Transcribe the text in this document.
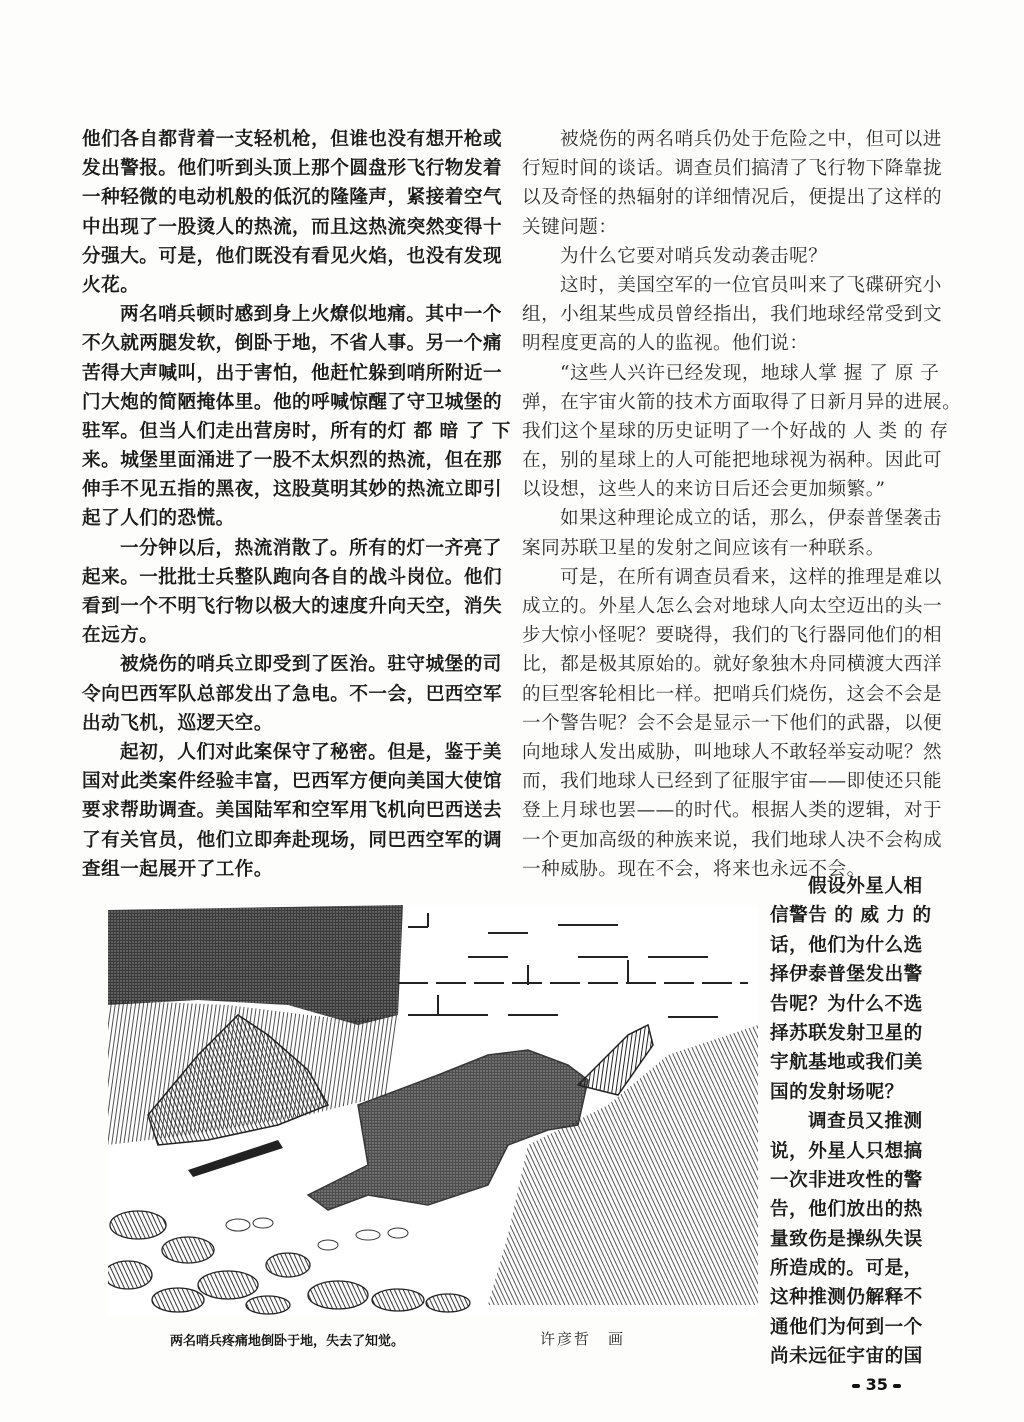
他们各自都背着一支轻机枪，但谁也没有想开枪或
发出警报。他们听到头顶上那个圆盘形飞行物发着
一种轻微的电动机般的低沉的隆隆声，紧接着空气
中出现了一股烫人的热流，而且这热流突然变得十
分强大。可是，他们既没有看见火焰，也没有发现
火花。
两名哨兵顿时感到身上火燎似地痛。其中一个
不久就两腿发软，倒卧于地，不省人事。另一个痛
苦得大声喊叫，出于害怕，他赶忙躲到哨所附近一
门大炮的简陋掩体里。他的呼喊惊醒了守卫城堡的
驻军。但当人们走出营房时，所有的灯 都 暗 了 下
来。城堡里面涌进了一股不太炽烈的热流，但在那
伸手不见五指的黑夜，这股莫明其妙的热流立即引
起了人们的恐慌。
一分钟以后，热流消散了。所有的灯一齐亮了
起来。一批批士兵整队跑向各自的战斗岗位。他们
看到一个不明飞行物以极大的速度升向天空，消失
在远方。
被烧伤的哨兵立即受到了医治。驻守城堡的司
令向巴西军队总部发出了急电。不一会，巴西空军
出动飞机，巡逻天空。
起初，人们对此案保守了秘密。但是，鉴于美
国对此类案件经验丰富，巴西军方便向美国大使馆
要求帮助调查。美国陆军和空军用飞机向巴西送去
了有关官员，他们立即奔赴现场，同巴西空军的调
查组一起展开了工作。
被烧伤的两名哨兵仍处于危险之中，但可以进
行短时间的谈话。调查员们搞清了飞行物下降靠拢
以及奇怪的热辐射的详细情况后，便提出了这样的
关键问题：
为什么它要对哨兵发动袭击呢？
这时，美国空军的一位官员叫来了飞碟研究小
组，小组某些成员曾经指出，我们地球经常受到文
明程度更高的人的监视。他们说：
“这些人兴许已经发现，地球人掌 握 了 原 子
弹，在宇宙火箭的技术方面取得了日新月异的进展。
我们这个星球的历史证明了一个好战的 人 类 的 存
在，别的星球上的人可能把地球视为祸种。因此可
以设想，这些人的来访日后还会更加频繁。”
如果这种理论成立的话，那么，伊泰普堡袭击
案同苏联卫星的发射之间应该有一种联系。
可是，在所有调查员看来，这样的推理是难以
成立的。外星人怎么会对地球人向太空迈出的头一
步大惊小怪呢？要晓得，我们的飞行器同他们的相
比，都是极其原始的。就好象独木舟同横渡大西洋
的巨型客轮相比一样。把哨兵们烧伤，这会不会是
一个警告呢？会不会是显示一下他们的武器，以便
向地球人发出威胁，叫地球人不敢轻举妄动呢？然
而，我们地球人已经到了征服宇宙——即使还只能
登上月球也罢——的时代。根据人类的逻辑，对于
一个更加高级的种族来说，我们地球人决不会构成
一种威胁。现在不会，将来也永远不会。
假设外星人相
信警告 的 威 力 的
话，他们为什么选
择伊泰普堡发出警
告呢？为什么不选
择苏联发射卫星的
宇航基地或我们美
国的发射场呢？
调查员又推测
说，外星人只想搞
一次非进攻性的警
告，他们放出的热
量致伤是操纵失误
所造成的。可是，
这种推测仍解释不
通他们为何到一个
尚未远征宇宙的国
两名哨兵疼痛地倒卧于地，失去了知觉。	许彦哲　画
35
